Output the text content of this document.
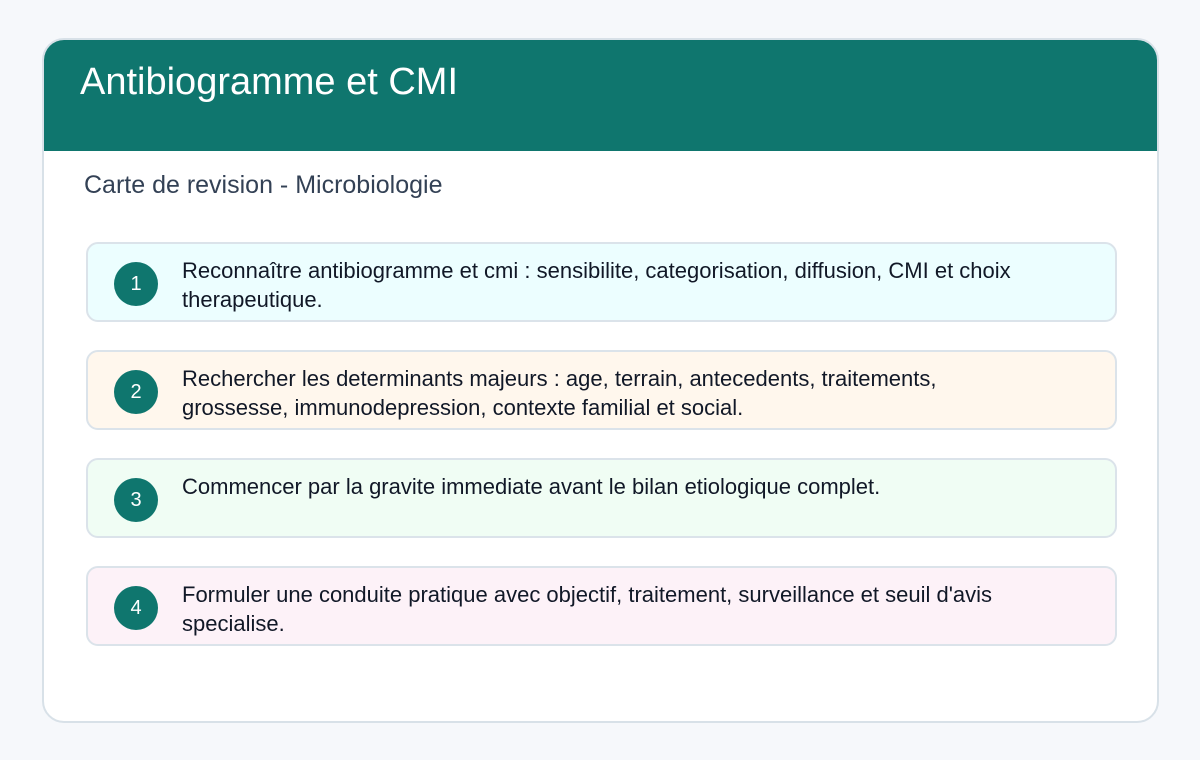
Antibiogramme et CMI

Carte de revision - Microbiologie

1

Reconnaître antibiogramme et cmi : sensibilite, categorisation, diffusion, CMI et choix therapeutique.

2

Rechercher les determinants majeurs : age, terrain, antecedents, traitements, grossesse, immunodepression, contexte familial et social.

3

Commencer par la gravite immediate avant le bilan etiologique complet.

4

Formuler une conduite pratique avec objectif, traitement, surveillance et seuil d'avis specialise.
